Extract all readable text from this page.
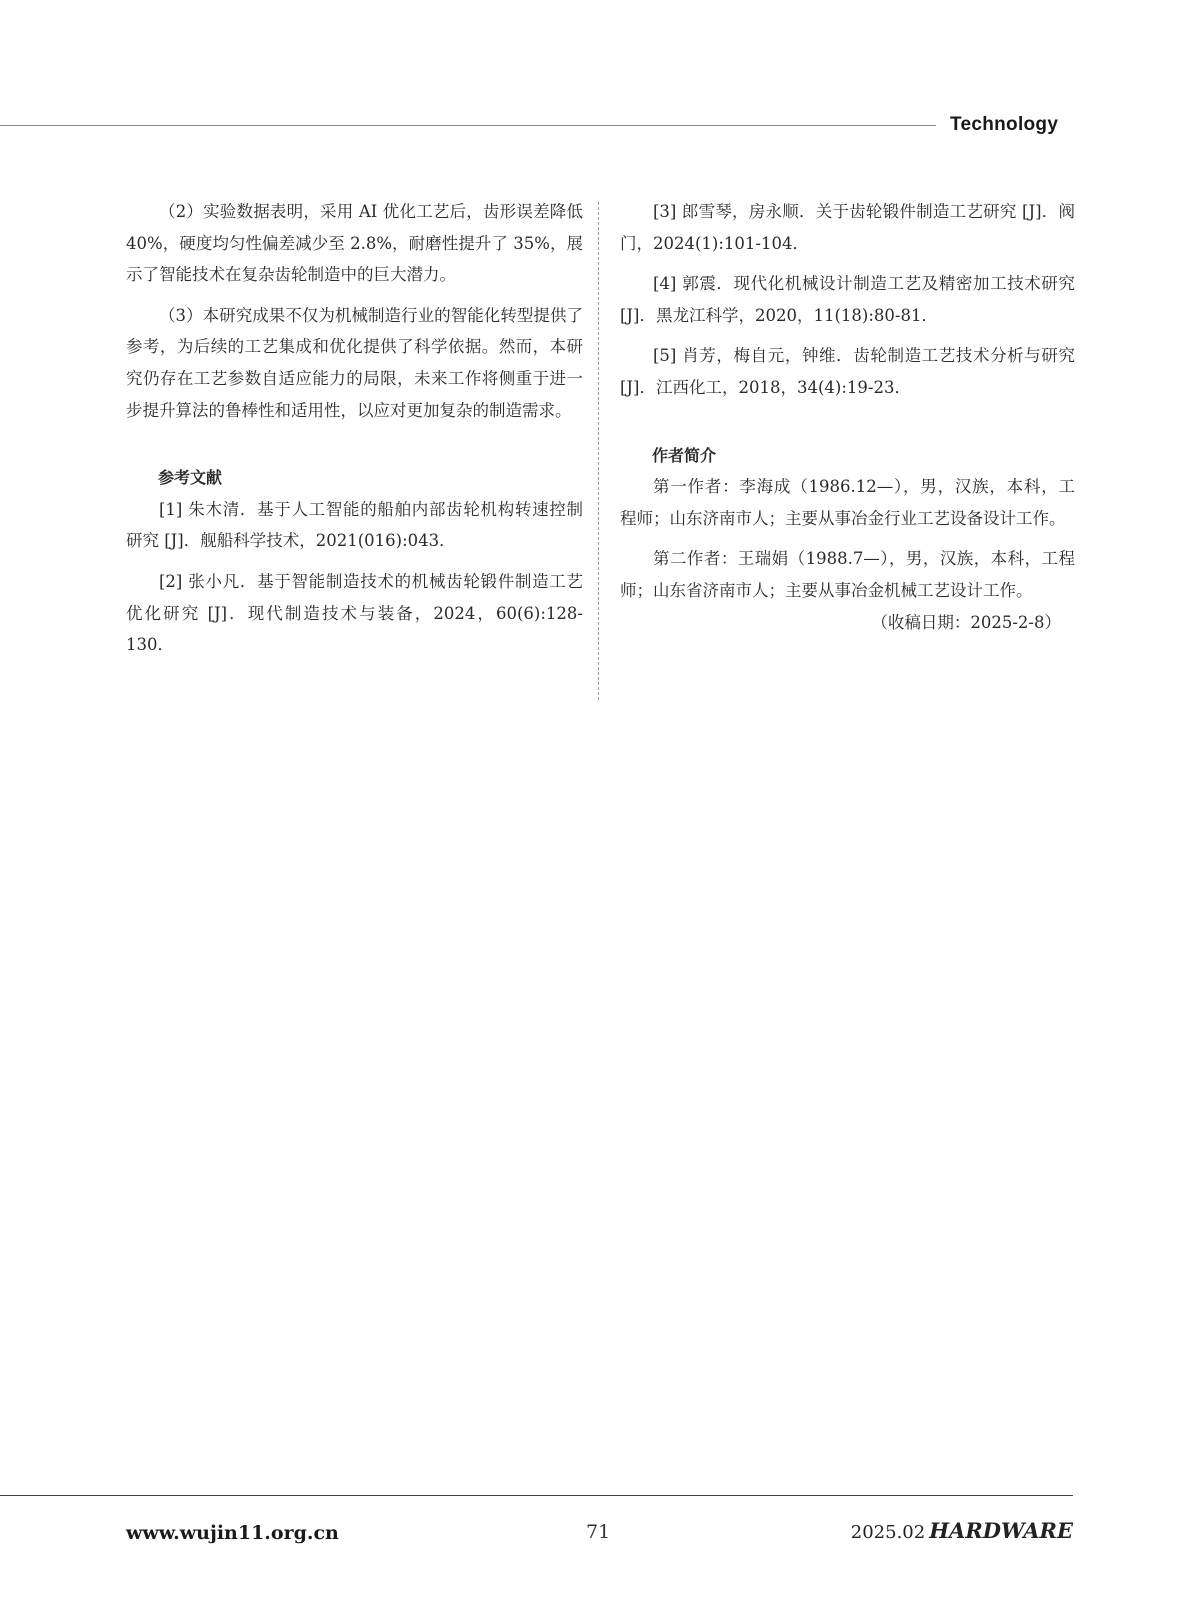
Technology

（2）实验数据表明，采用 AI 优化工艺后，齿形误差降低 40%，硬度均匀性偏差减少至 2.8%，耐磨性提升了 35%，展示了智能技术在复杂齿轮制造中的巨大潜力。

（3）本研究成果不仅为机械制造行业的智能化转型提供了参考，为后续的工艺集成和优化提供了科学依据。然而，本研究仍存在工艺参数自适应能力的局限，未来工作将侧重于进一步提升算法的鲁棒性和适用性，以应对更加复杂的制造需求。

参考文献

[1] 朱木清．基于人工智能的船舶内部齿轮机构转速控制研究 [J]．舰船科学技术，2021(016):043．

[2] 张小凡．基于智能制造技术的机械齿轮锻件制造工艺优化研究 [J]．现代制造技术与装备，2024，60(6):128-130．

[3] 郎雪琴，房永顺．关于齿轮锻件制造工艺研究 [J]．阀门，2024(1):101-104．

[4] 郭震．现代化机械设计制造工艺及精密加工技术研究 [J]．黑龙江科学，2020，11(18):80-81．

[5] 肖芳，梅自元，钟维．齿轮制造工艺技术分析与研究 [J]．江西化工，2018，34(4):19-23．

作者简介

第一作者：李海成（1986.12—），男，汉族，本科，工程师；山东济南市人；主要从事冶金行业工艺设备设计工作。

第二作者：王瑞娟（1988.7—），男，汉族，本科，工程师；山东省济南市人；主要从事冶金机械工艺设计工作。

（收稿日期：2025-2-8）

www.wujin11.org.cn	71	2025.02 HARDWARE
